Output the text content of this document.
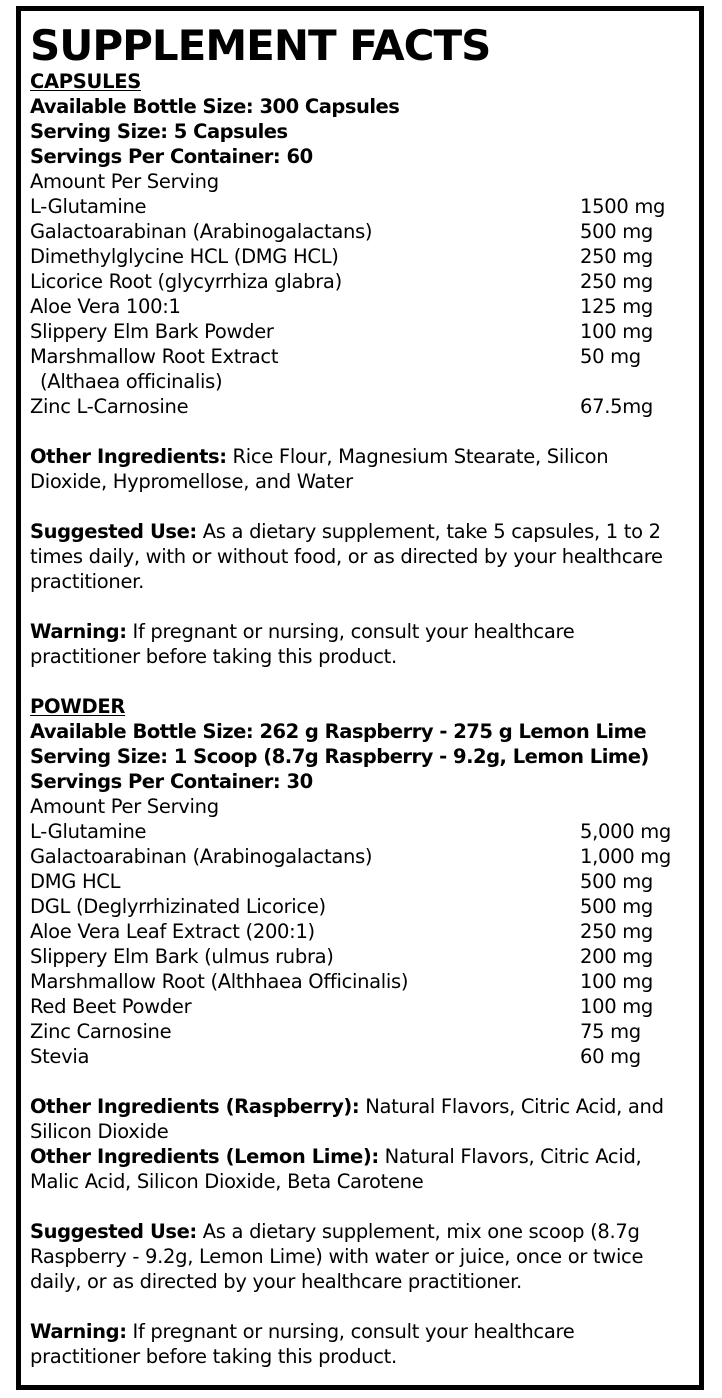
SUPPLEMENT FACTS
CAPSULES
Available Bottle Size: 300 Capsules
Serving Size: 5 Capsules
Servings Per Container: 60
Amount Per Serving
L-Glutamine	1500 mg
Galactoarabinan (Arabinogalactans)	500 mg
Dimethylglycine HCL (DMG HCL)	250 mg
Licorice Root (glycyrrhiza glabra)	250 mg
Aloe Vera 100:1	125 mg
Slippery Elm Bark Powder	100 mg
Marshmallow Root Extract	50 mg
(Althaea officinalis)
Zinc L-Carnosine	67.5mg
Other Ingredients: Rice Flour, Magnesium Stearate, Silicon Dioxide, Hypromellose, and Water
Suggested Use: As a dietary supplement, take 5 capsules, 1 to 2 times daily, with or without food, or as directed by your healthcare practitioner.
Warning: If pregnant or nursing, consult your healthcare practitioner before taking this product.
POWDER
Available Bottle Size: 262 g Raspberry - 275 g Lemon Lime
Serving Size: 1 Scoop (8.7g Raspberry - 9.2g, Lemon Lime)
Servings Per Container: 30
Amount Per Serving
L-Glutamine	5,000 mg
Galactoarabinan (Arabinogalactans)	1,000 mg
DMG HCL	500 mg
DGL (Deglyrrhizinated Licorice)	500 mg
Aloe Vera Leaf Extract (200:1)	250 mg
Slippery Elm Bark (ulmus rubra)	200 mg
Marshmallow Root (Althhaea Officinalis)	100 mg
Red Beet Powder	100 mg
Zinc Carnosine	75 mg
Stevia	60 mg
Other Ingredients (Raspberry): Natural Flavors, Citric Acid, and Silicon Dioxide
Other Ingredients (Lemon Lime): Natural Flavors, Citric Acid, Malic Acid, Silicon Dioxide, Beta Carotene
Suggested Use: As a dietary supplement, mix one scoop (8.7g Raspberry - 9.2g, Lemon Lime) with water or juice, once or twice daily, or as directed by your healthcare practitioner.
Warning: If pregnant or nursing, consult your healthcare practitioner before taking this product.
